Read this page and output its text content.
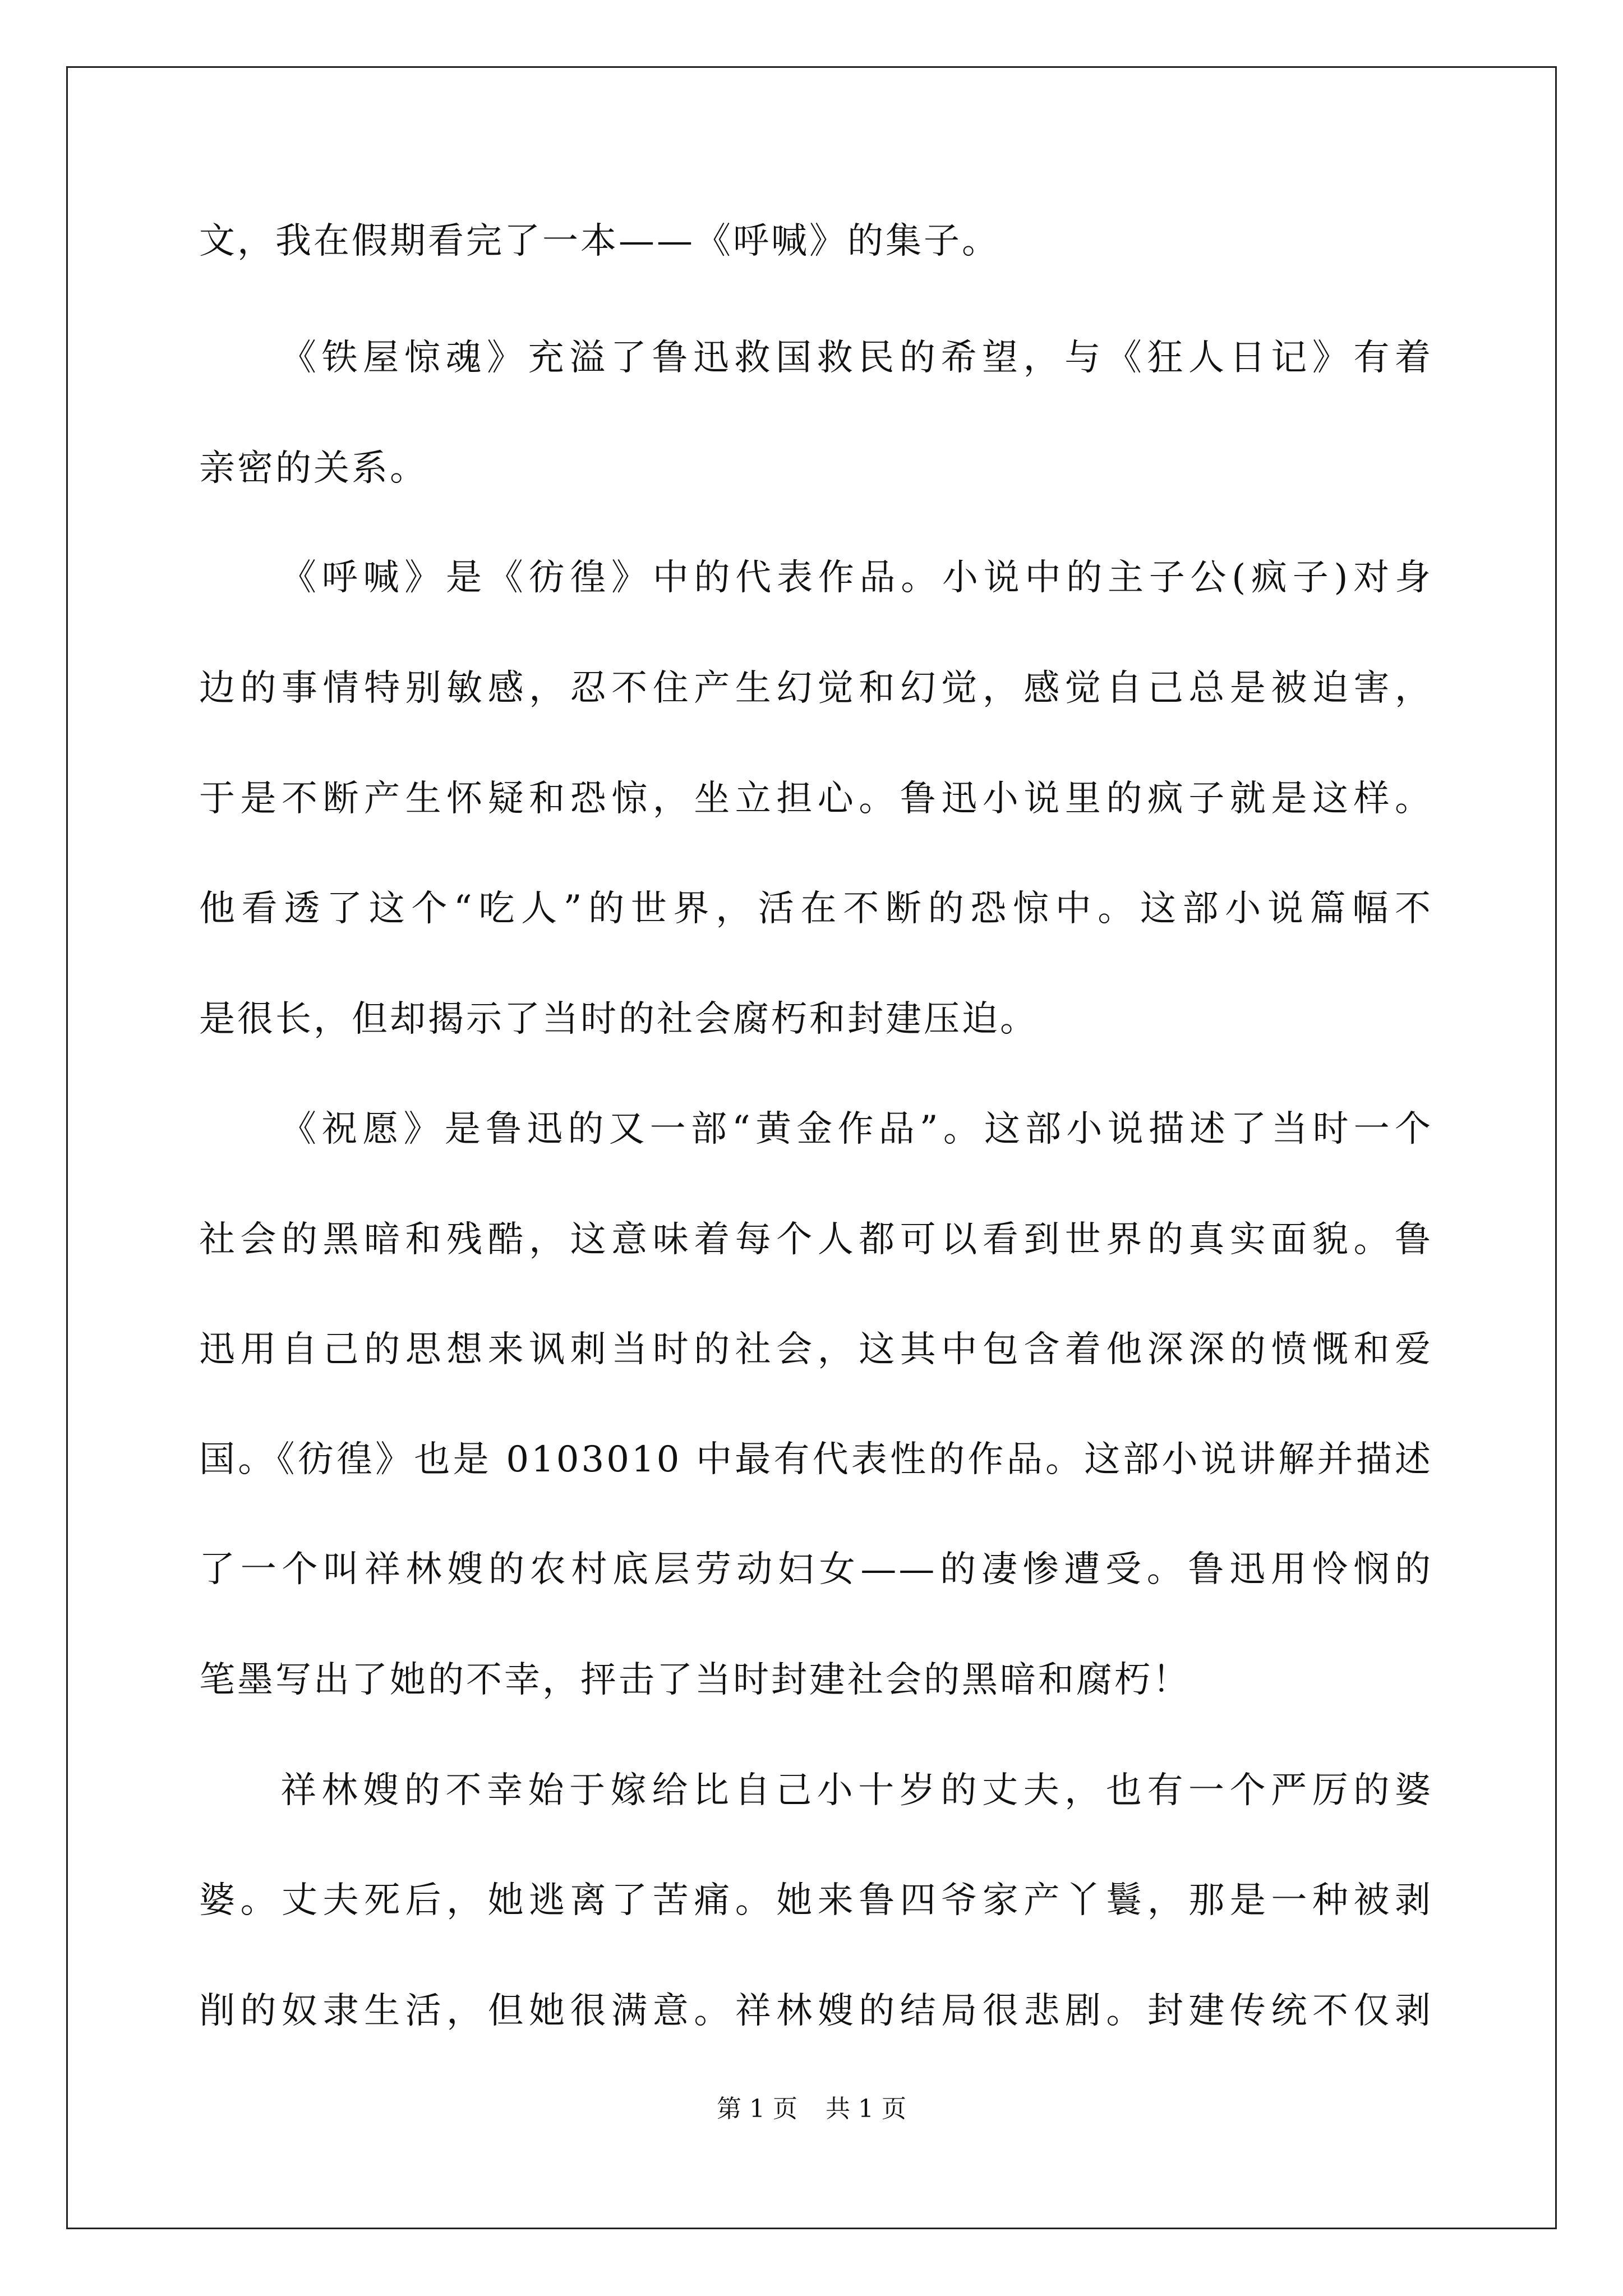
文，我在假期看完了一本——《呼喊》的集子。
《铁屋惊魂》充溢了鲁迅救国救民的希望，与《狂人日记》有着
亲密的关系。
《呼喊》是《彷徨》中的代表作品。小说中的主子公(疯子)对身
边的事情特别敏感，忍不住产生幻觉和幻觉，感觉自己总是被迫害，
于是不断产生怀疑和恐惊，坐立担心。鲁迅小说里的疯子就是这样。
他看透了这个“吃人”的世界，活在不断的恐惊中。这部小说篇幅不
是很长，但却揭示了当时的社会腐朽和封建压迫。
《祝愿》是鲁迅的又一部“黄金作品”。这部小说描述了当时一个
社会的黑暗和残酷，这意味着每个人都可以看到世界的真实面貌。鲁
迅用自己的思想来讽刺当时的社会，这其中包含着他深深的愤慨和爱
国。《彷徨》也是 0103010 中最有代表性的作品。这部小说讲解并描述
了一个叫祥林嫂的农村底层劳动妇女——的凄惨遭受。鲁迅用怜悯的
笔墨写出了她的不幸，抨击了当时封建社会的黑暗和腐朽！
祥林嫂的不幸始于嫁给比自己小十岁的丈夫，也有一个严厉的婆
婆。丈夫死后，她逃离了苦痛。她来鲁四爷家产丫鬟，那是一种被剥
削的奴隶生活，但她很满意。祥林嫂的结局很悲剧。封建传统不仅剥
第 1 页 共 1 页
